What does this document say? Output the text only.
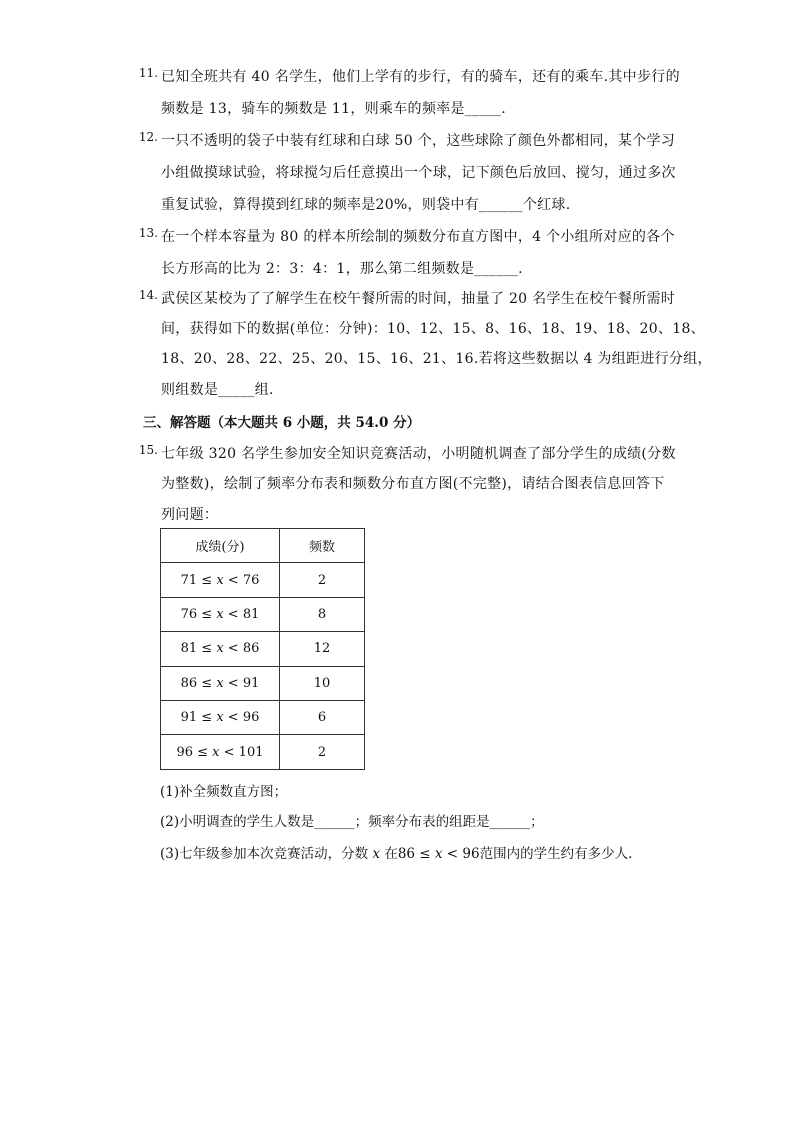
11. 已知全班共有 40 名学生，他们上学有的步行，有的骑车，还有的乘车.其中步行的
频数是 13，骑车的频数是 11，则乘车的频率是_____.
12. 一只不透明的袋子中装有红球和白球 50 个，这些球除了颜色外都相同，某个学习
小组做摸球试验，将球搅匀后任意摸出一个球，记下颜色后放回、搅匀，通过多次
重复试验，算得摸到红球的频率是20%，则袋中有______个红球.
13. 在一个样本容量为 80 的样本所绘制的频数分布直方图中，4 个小组所对应的各个
长方形高的比为 2：3：4：1，那么第二组频数是______.
14. 武侯区某校为了了解学生在校午餐所需的时间，抽量了 20 名学生在校午餐所需时
间，获得如下的数据(单位：分钟)：10、12、15、8、16、18、19、18、20、18、
18、20、28、22、25、20、15、16、21、16.若将这些数据以 4 为组距进行分组，
则组数是_____组.
三、解答题（本大题共 6 小题，共 54.0 分）
15. 七年级 320 名学生参加安全知识竞赛活动，小明随机调查了部分学生的成绩(分数
为整数)，绘制了频率分布表和频数分布直方图(不完整)，请结合图表信息回答下
列问题：
成绩(分)	频数
71 ≤ 𝑥 < 76	2
76 ≤ 𝑥 < 81	8
81 ≤ 𝑥 < 86	12
86 ≤ 𝑥 < 91	10
91 ≤ 𝑥 < 96	6
96 ≤ 𝑥 < 101	2
(1)补全频数直方图；
(2)小明调查的学生人数是______；频率分布表的组距是______；
(3)七年级参加本次竞赛活动，分数 𝑥 在86 ≤ 𝑥 < 96范围内的学生约有多少人.
